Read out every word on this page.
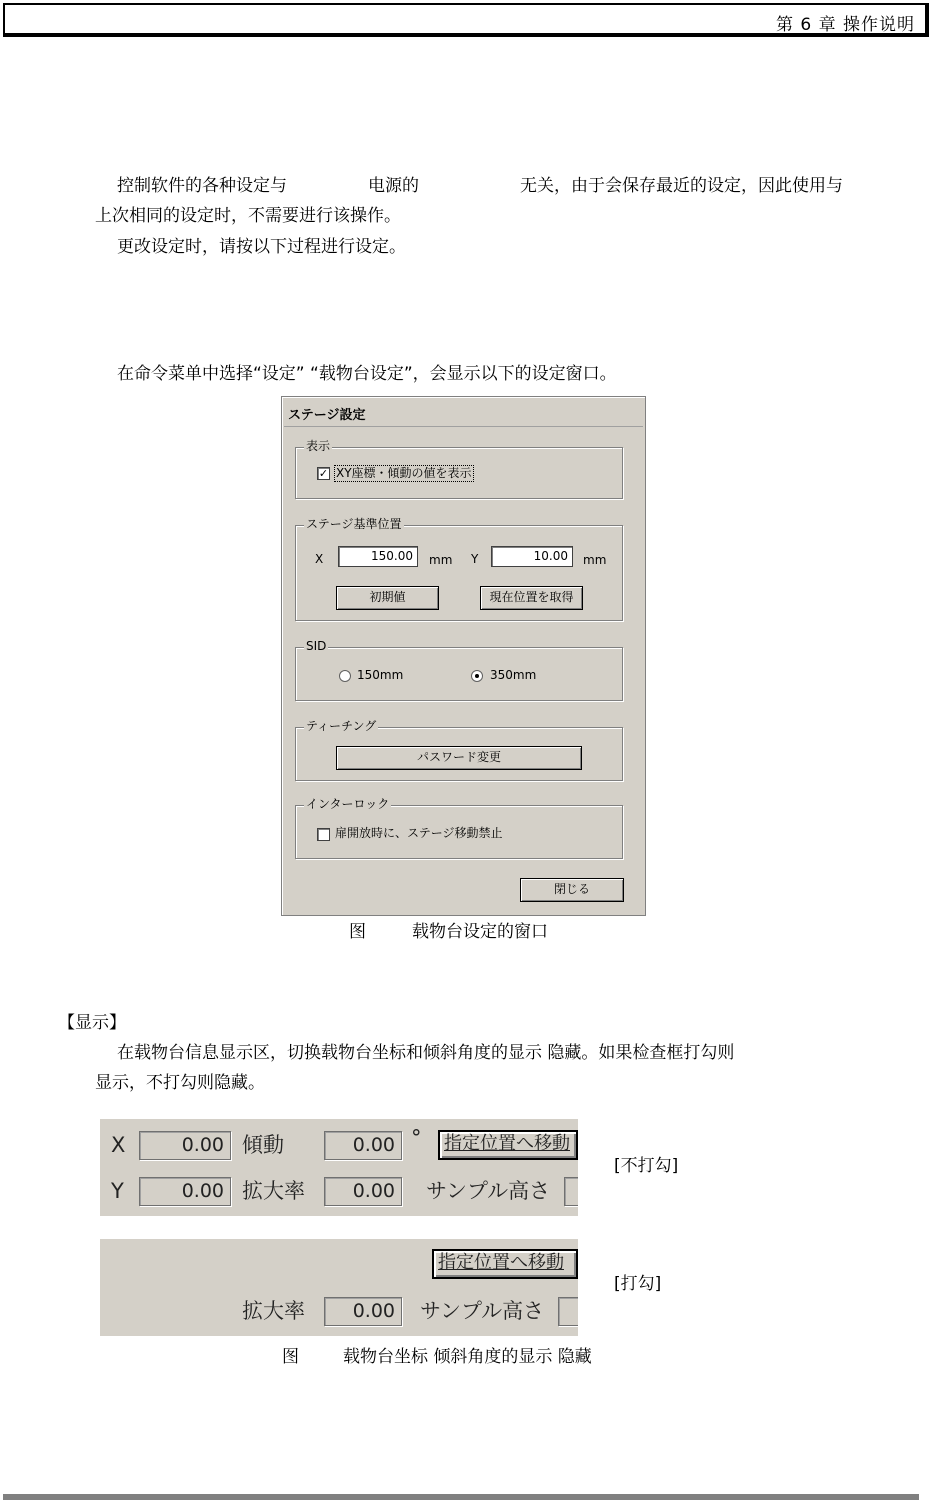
第 6 章 操作说明
控制软件的各种设定与	电源的	无关，由于会保存最近的设定，因此使用与
上次相同的设定时，不需要进行该操作。
更改设定时，请按以下过程进行设定。
在命令菜单中选择“设定” “载物台设定”，会显示以下的设定窗口。
ステージ設定
表示
✓ XY座標・傾動の値を表示
ステージ基準位置
X	150.00	mm Y	10.00	mm
初期値	現在位置を取得
SID
150mm	350mm
ティーチング
パスワード変更
インターロック
扉開放時に、ステージ移動禁止
閉じる
图	载物台设定的窗口
【显示】
在载物台信息显示区，切换载物台坐标和倾斜角度的显示 隐藏。如果检查框打勾则
显示，不打勾则隐藏。
X	0.00 傾動	0.00 °	指定位置へ移動
Y	0.00 拡大率	0.00	サンプル高さ
[不打勾]
指定位置へ移動
拡大率	0.00	サンプル高さ
[打勾]
图	载物台坐标 倾斜角度的显示 隐藏
